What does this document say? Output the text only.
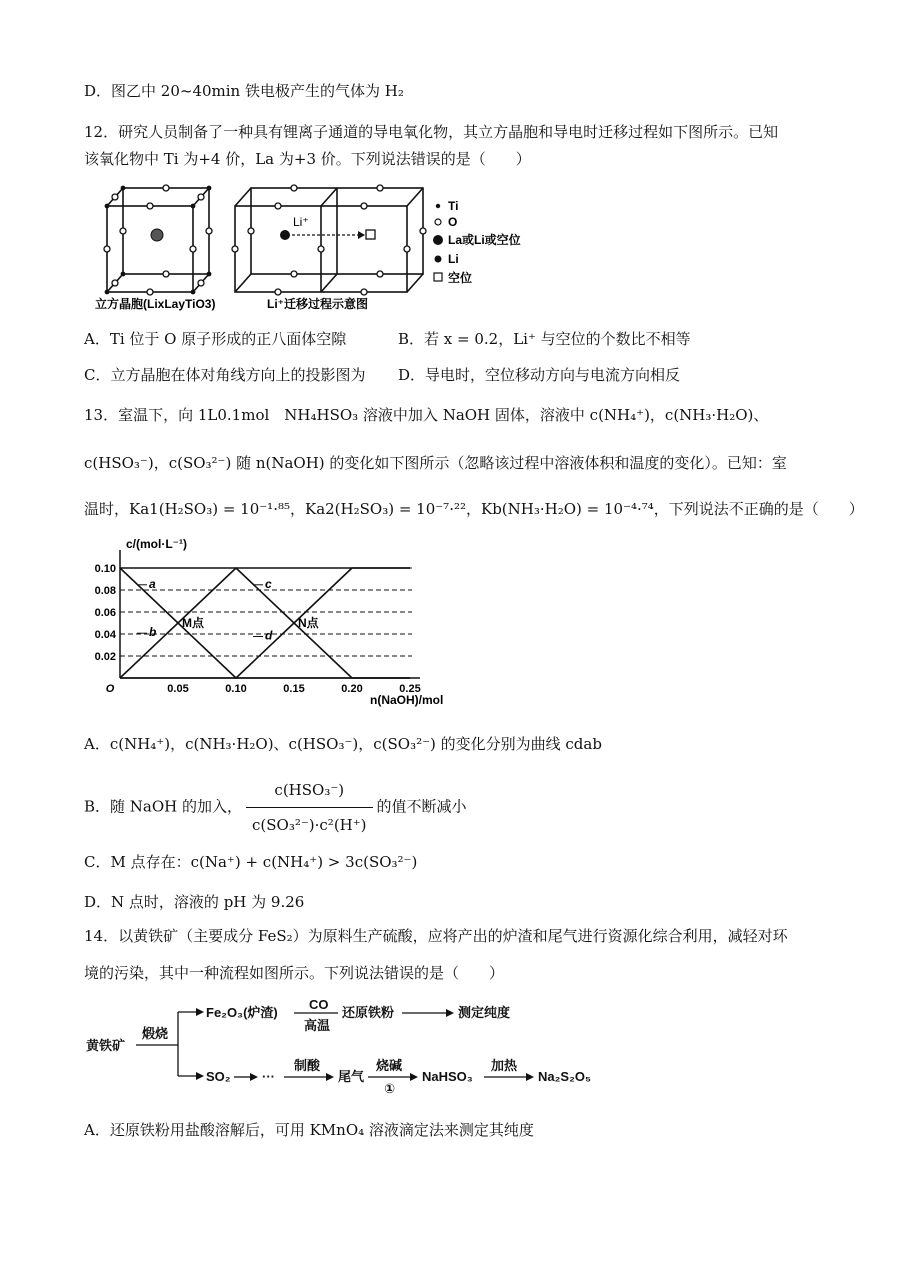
D．图乙中 20~40min 铁电极产生的气体为 H₂
12．研究人员制备了一种具有锂离子通道的导电氧化物，其立方晶胞和导电时迁移过程如下图所示。已知
该氧化物中 Ti 为+4 价，La 为+3 价。下列说法错误的是（　　）
立方晶胞(LixLayTiO3)
Li⁺
Li⁺迁移过程示意图
Ti
O
La或Li或空位
Li
空位
A．Ti 位于 O 原子形成的正八面体空隙	B．若 x = 0.2，Li⁺ 与空位的个数比不相等
C．立方晶胞在体对角线方向上的投影图为 D．导电时，空位移动方向与电流方向相反
13．室温下，向 1L0.1mol　NH₄HSO₃ 溶液中加入 NaOH 固体，溶液中 c(NH₄⁺)，c(NH₃·H₂O)、
c(HSO₃⁻)，c(SO₃²⁻) 随 n(NaOH) 的变化如下图所示（忽略该过程中溶液体积和温度的变化）。已知：室
温时，Ka1(H₂SO₃) = 10⁻¹·⁸⁵，Ka2(H₂SO₃) = 10⁻⁷·²²，Kb(NH₃·H₂O) = 10⁻⁴·⁷⁴，下列说法不正确的是（　　）
c/(mol·L⁻¹)
n(NaOH)/mol
0.02
0.04
0.06
0.08
0.10
O	0.05	0.10	0.15	0.20	0.25
a
b
c
d
M点	N点
A．c(NH₄⁺)，c(NH₃·H₂O)、c(HSO₃⁻)，c(SO₃²⁻) 的变化分别为曲线 cdab
B．随 NaOH 的加入， $\frac{\text{c(HSO₃⁻)}}{\text{c(SO₃²⁻)·c²(H⁺)}}$ 的值不断减小
C．M 点存在：c(Na⁺) + c(NH₄⁺) > 3c(SO₃²⁻)
D．N 点时，溶液的 pH 为 9.26
14．以黄铁矿（主要成分 FeS₂）为原料生产硫酸，应将产出的炉渣和尾气进行资源化综合利用，减轻对环
境的污染，其中一种流程如图所示。下列说法错误的是（　　）
黄铁矿
煅烧
Fe₂O₃(炉渣)
CO
高温
还原铁粉	测定纯度
SO₂ ···
制酸
尾气
烧碱
①
NaHSO₃
加热
Na₂S₂O₅
A．还原铁粉用盐酸溶解后，可用 KMnO₄ 溶液滴定法来测定其纯度
